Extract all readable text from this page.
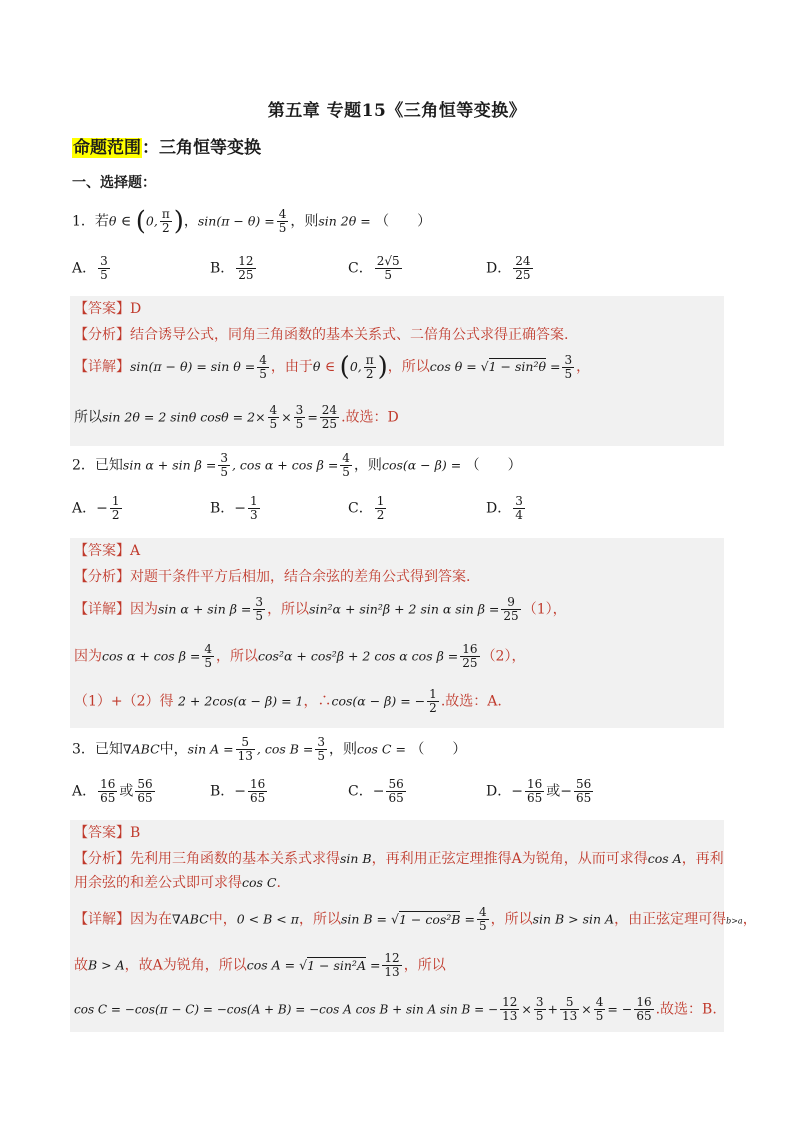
第五章 专题15《三角恒等变换》
命题范围：三角恒等变换
一、选择题：
1．若θ ∈ (0, $\frac{\pi}{2}$ )，$\sin(\pi - \theta) = \frac{4}{5}$ ，则sin 2θ = （　　）
A． $\frac{3}{5}$	B． $\frac{12}{25}$	C． $\frac{2√5}{5}$	D． $\frac{24}{25}$
【答案】D
【分析】结合诱导公式，同角三角函数的基本关系式、二倍角公式求得正确答案.
【详解】$\sin(\pi - \theta) = \sin \theta = \frac{4}{5}$ ，由于θ ∈ (0, $\frac{\pi}{2}$ )，所以$\cos \theta = √1 - \sin^2\theta = \frac{3}{5}$ ，
所以sin 2θ = 2 sinθ $\cos\theta = 2\times \frac{4}{5} \times \frac{3}{5} = \frac{24}{25}$ .故选：D
2．已知$\sin \alpha + \sin \beta = \frac{3}{5}$ , $\cos \alpha + \cos \beta = \frac{4}{5}$ ，则cos(α − β) = （　　）
A．− $\frac{1}{2}$	B．− $\frac{1}{3}$	C． $\frac{1}{2}$	D． $\frac{3}{4}$
【答案】A
【分析】对题干条件平方后相加，结合余弦的差角公式得到答案.
【详解】因为$\sin \alpha + \sin \beta = \frac{3}{5}$ ，所以sin²α + sin²β + 2 sin α $\sin \beta = \frac{9}{25} (1)$，
因为$\cos \alpha + \cos \beta = \frac{4}{5}$ ，所以cos²α + cos²β + 2 cos α $\cos \beta = \frac{16}{25} (2)$，
（1）+（2）得 2 + 2cos(α − β) = 1，∴cos(α − β) = − $\frac{1}{2}$ .故选：A.
3．已知∇ABC中，$\sin A = \frac{5}{13}$ , $\cos B = \frac{3}{5}$ ，则cos C = （　　）
A． $\frac{16}{65}$ 或 $\frac{56}{65}$	B．− $\frac{16}{65}$	C．− $\frac{56}{65}$	D．− $\frac{16}{65}$ 或− $\frac{56}{65}$
【答案】B
【分析】先利用三角函数的基本关系式求得sin B，再利用正弦定理推得A为锐角，从而可求得cos A，再利
用余弦的和差公式即可求得cos C.
【详解】因为在∇ABC中，0 < B < π，所以$\sin B = √1 - \cos^2B = \frac{4}{5}$ ，所以sin B > sin A，由正弦定理可得b>a，
故B > A，故A为锐角，所以$\cos A = √1 - \sin^2A = \frac{12}{13}$ ，所以
cos C = −cos(π − C) = −cos(A + B) = −cos A cos B + sin A sin B = − $\frac{12}{13} \times \frac{3}{5} + \frac{5}{13} \times \frac{4}{5}$ = − $\frac{16}{65}$ .故选：B.
